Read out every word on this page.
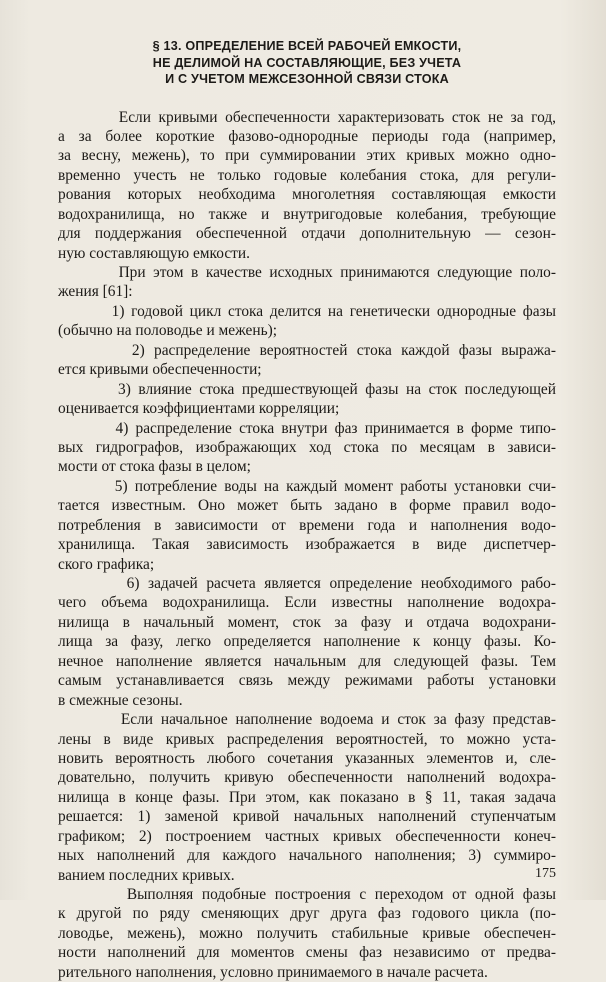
§ 13. ОПРЕДЕЛЕНИЕ ВСЕЙ РАБОЧЕЙ ЕМКОСТИ,
НЕ ДЕЛИМОЙ НА СОСТАВЛЯЮЩИЕ, БЕЗ УЧЕТА
И С УЧЕТОМ МЕЖСЕЗОННОЙ СВЯЗИ СТОКА
Если кривыми обеспеченности характеризовать сток не за год,
а за более короткие фазово-однородные периоды года (например,
за весну, межень), то при суммировании этих кривых можно одно-
временно учесть не только годовые колебания стока, для регули-
рования которых необходима многолетняя составляющая емкости
водохранилища, но также и внутригодовые колебания, требующие
для поддержания обеспеченной отдачи дополнительную — сезон-
ную составляющую емкости.
При этом в качестве исходных принимаются следующие поло-
жения [61]:
1) годовой цикл стока делится на генетически однородные фазы
(обычно на половодье и межень);
2) распределение вероятностей стока каждой фазы выража-
ется кривыми обеспеченности;
3) влияние стока предшествующей фазы на сток последующей
оценивается коэффициентами корреляции;
4) распределение стока внутри фаз принимается в форме типо-
вых гидрографов, изображающих ход стока по месяцам в зависи-
мости от стока фазы в целом;
5) потребление воды на каждый момент работы установки счи-
тается известным. Оно может быть задано в форме правил водо-
потребления в зависимости от времени года и наполнения водо-
хранилища. Такая зависимость изображается в виде диспетчер-
ского графика;
6) задачей расчета является определение необходимого рабо-
чего объема водохранилища. Если известны наполнение водохра-
нилища в начальный момент, сток за фазу и отдача водохрани-
лища за фазу, легко определяется наполнение к концу фазы. Ко-
нечное наполнение является начальным для следующей фазы. Тем
самым устанавливается связь между режимами работы установки
в смежные сезоны.
Если начальное наполнение водоема и сток за фазу представ-
лены в виде кривых распределения вероятностей, то можно уста-
новить вероятность любого сочетания указанных элементов и, сле-
довательно, получить кривую обеспеченности наполнений водохра-
нилища в конце фазы. При этом, как показано в § 11, такая задача
решается: 1) заменой кривой начальных наполнений ступенчатым
графиком; 2) построением частных кривых обеспеченности конеч-
ных наполнений для каждого начального наполнения; 3) суммиро-
ванием последних кривых.
Выполняя подобные построения с переходом от одной фазы
к другой по ряду сменяющих друг друга фаз годового цикла (по-
ловодье, межень), можно получить стабильные кривые обеспечен-
ности наполнений для моментов смены фаз независимо от предва-
рительного наполнения, условно принимаемого в начале расчета.
175
